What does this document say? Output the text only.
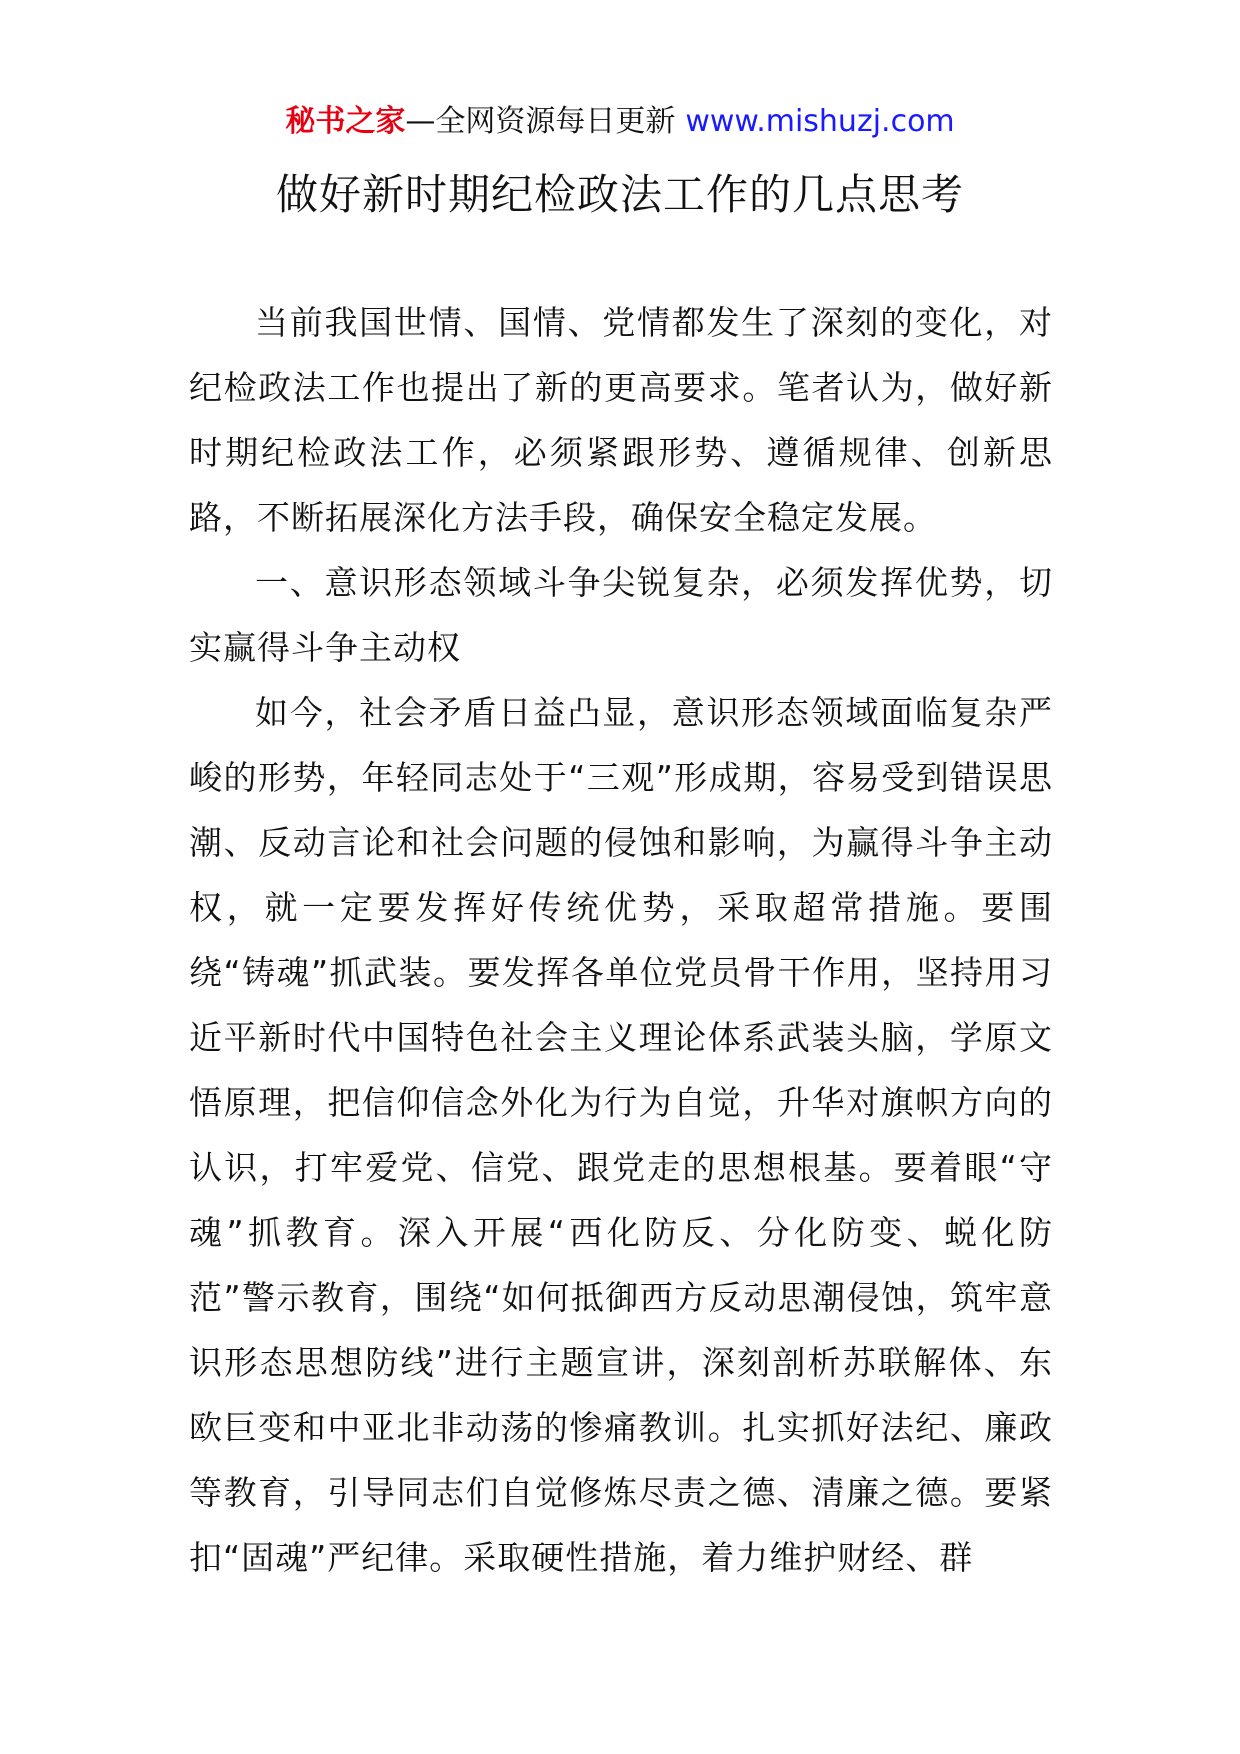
秘书之家—全网资源每日更新 www.mishuzj.com
做好新时期纪检政法工作的几点思考

当前我国世情、国情、党情都发生了深刻的变化，对纪检政法工作也提出了新的更高要求。笔者认为，做好新时期纪检政法工作，必须紧跟形势、遵循规律、创新思路，不断拓展深化方法手段，确保安全稳定发展。

一、意识形态领域斗争尖锐复杂，必须发挥优势，切实赢得斗争主动权

如今，社会矛盾日益凸显，意识形态领域面临复杂严峻的形势，年轻同志处于“三观”形成期，容易受到错误思潮、反动言论和社会问题的侵蚀和影响，为赢得斗争主动权，就一定要发挥好传统优势，采取超常措施。要围绕“铸魂”抓武装。要发挥各单位党员骨干作用，坚持用习近平新时代中国特色社会主义理论体系武装头脑，学原文悟原理，把信仰信念外化为行为自觉，升华对旗帜方向的认识，打牢爱党、信党、跟党走的思想根基。要着眼“守魂”抓教育。深入开展“西化防反、分化防变、蜕化防范”警示教育，围绕“如何抵御西方反动思潮侵蚀，筑牢意识形态思想防线”进行主题宣讲，深刻剖析苏联解体、东欧巨变和中亚北非动荡的惨痛教训。扎实抓好法纪、廉政等教育，引导同志们自觉修炼尽责之德、清廉之德。要紧扣“固魂”严纪律。采取硬性措施，着力维护财经、群
